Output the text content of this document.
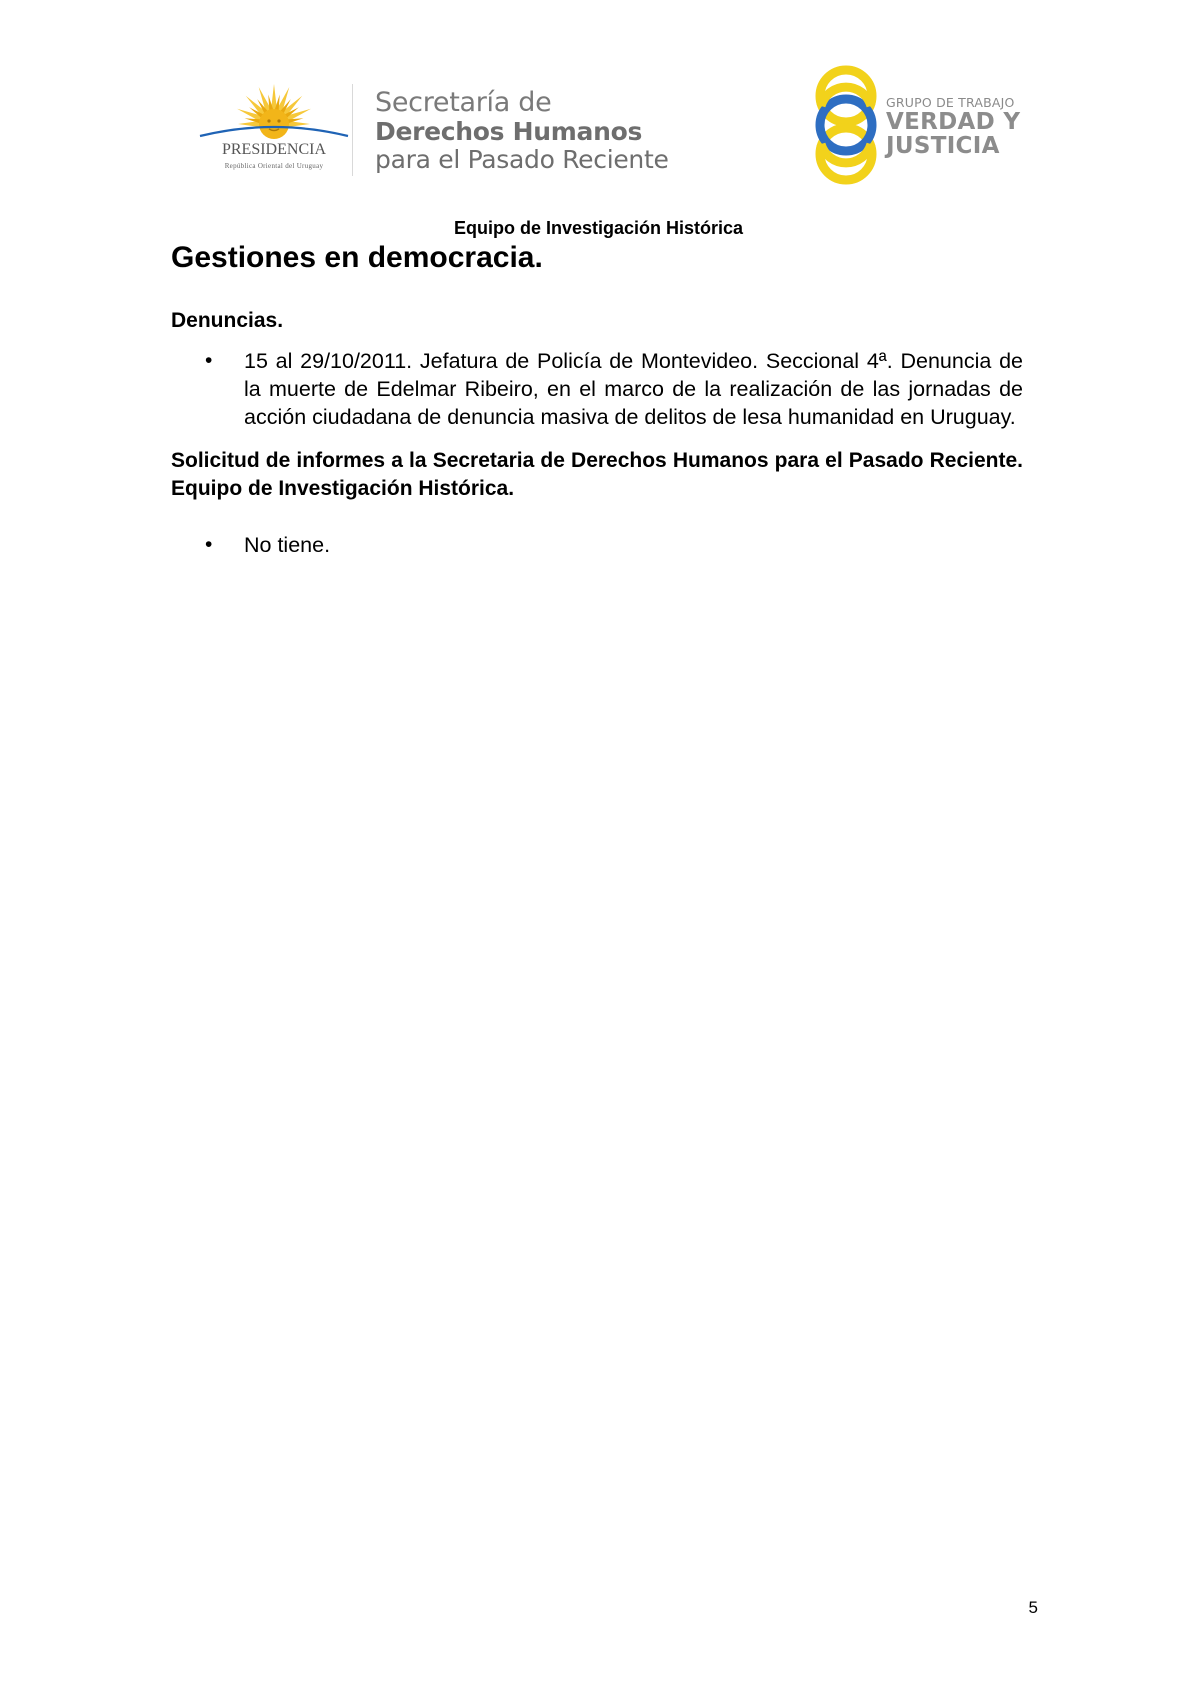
PRESIDENCIA
República Oriental del Uruguay
Secretaría de
Derechos Humanos
para el Pasado Reciente
GRUPO DE TRABAJO
VERDAD Y
JUSTICIA
Equipo de Investigación Histórica
Gestiones en democracia.
Denuncias.
• 15 al 29/10/2011. Jefatura de Policía de Montevideo. Seccional 4ª. Denuncia de la muerte de Edelmar Ribeiro, en el marco de la realización de las jornadas de acción ciudadana de denuncia masiva de delitos de lesa humanidad en Uruguay.
Solicitud de informes a la Secretaria de Derechos Humanos para el Pasado Reciente. Equipo de Investigación Histórica.
• No tiene.
5
